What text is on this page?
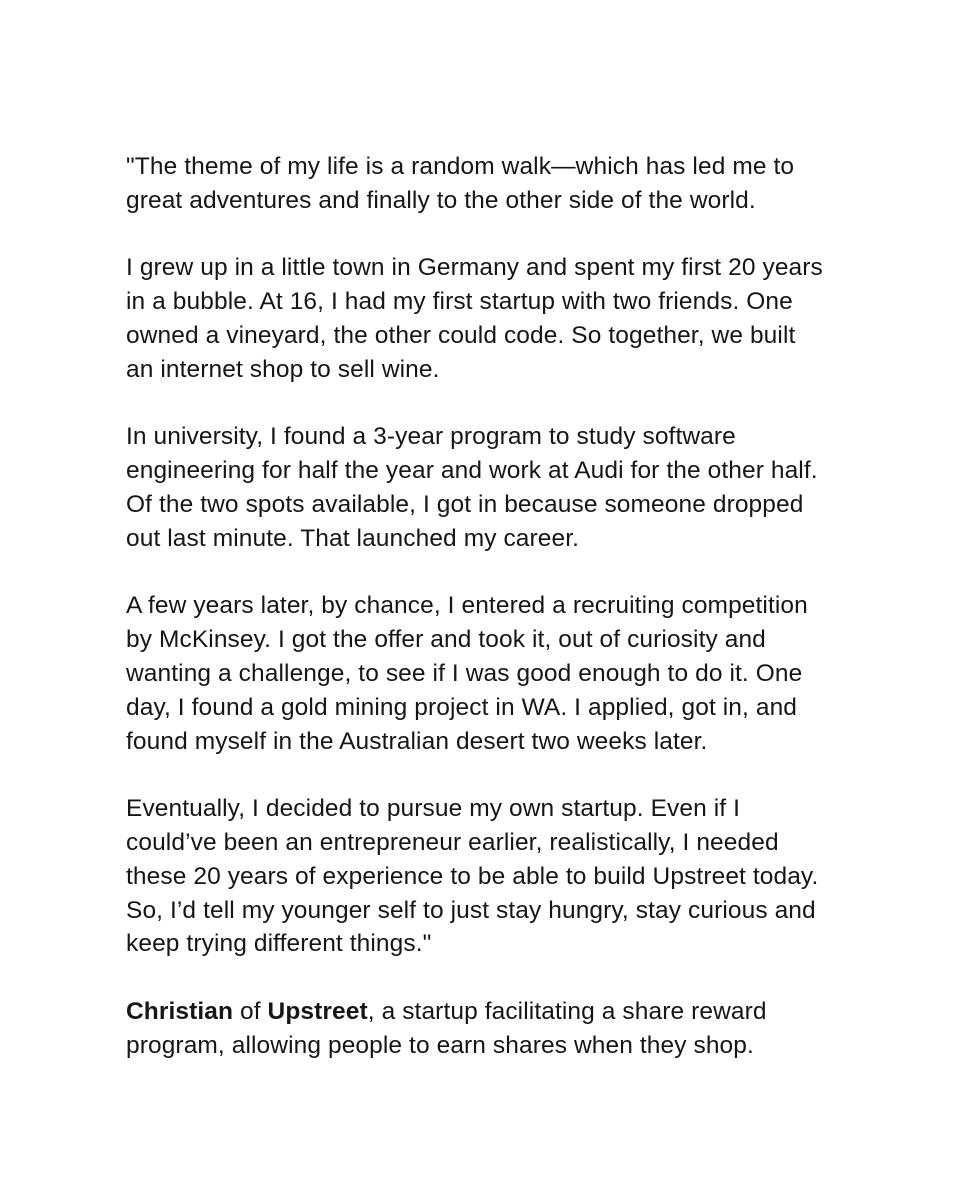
"The theme of my life is a random walk—which has led me to
great adventures and finally to the other side of the world.

I grew up in a little town in Germany and spent my first 20 years
in a bubble. At 16, I had my first startup with two friends. One
owned a vineyard, the other could code. So together, we built
an internet shop to sell wine.

In university, I found a 3-year program to study software
engineering for half the year and work at Audi for the other half.
Of the two spots available, I got in because someone dropped
out last minute. That launched my career.

A few years later, by chance, I entered a recruiting competition
by McKinsey. I got the offer and took it, out of curiosity and
wanting a challenge, to see if I was good enough to do it. One
day, I found a gold mining project in WA. I applied, got in, and
found myself in the Australian desert two weeks later.

Eventually, I decided to pursue my own startup. Even if I
could’ve been an entrepreneur earlier, realistically, I needed
these 20 years of experience to be able to build Upstreet today.
So, I’d tell my younger self to just stay hungry, stay curious and
keep trying different things."

Christian of Upstreet, a startup facilitating a share reward
program, allowing people to earn shares when they shop.
